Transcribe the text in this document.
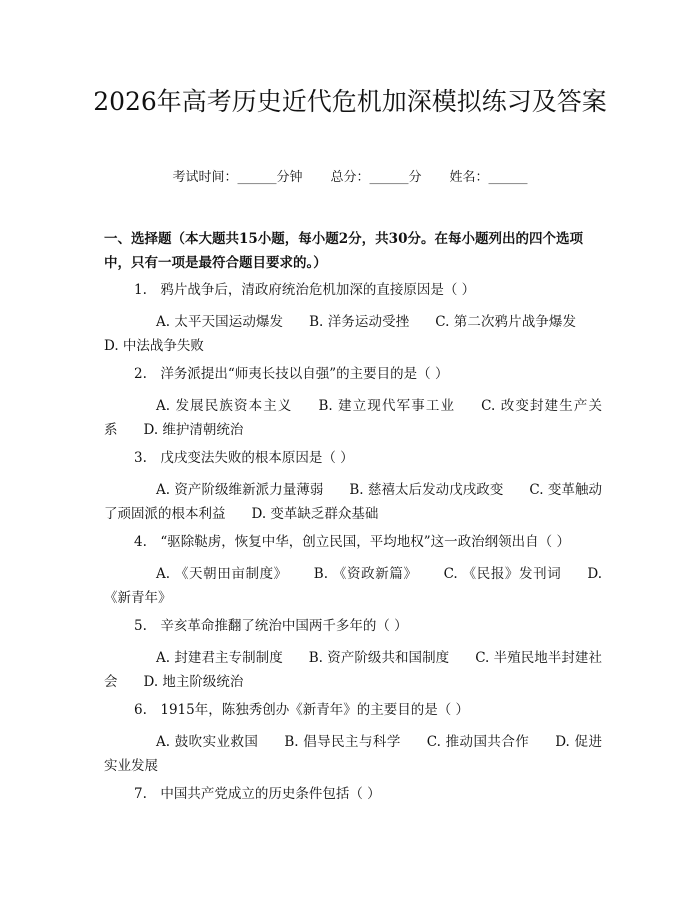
2026年高考历史近代危机加深模拟练习及答案
考试时间：______分钟 总分：______分 姓名：______
一、选择题（本大题共15小题，每小题2分，共30分。在每小题列出的四个选项中，只有一项是最符合题目要求的。）
1.　鸦片战争后，清政府统治危机加深的直接原因是（ ）
A. 太平天国运动爆发 B. 洋务运动受挫 C. 第二次鸦片战争爆发D. 中法战争失败
2.　洋务派提出“师夷长技以自强”的主要目的是（ ）
A. 发展民族资本主义 B. 建立现代军事工业 C. 改变封建生产关系 D. 维护清朝统治
3.　戊戌变法失败的根本原因是（ ）
A. 资产阶级维新派力量薄弱 B. 慈禧太后发动戊戌政变 C. 变革触动了顽固派的根本利益 D. 变革缺乏群众基础
4.　“驱除鞑虏，恢复中华，创立民国，平均地权”这一政治纲领出自（ ）
A. 《天朝田亩制度》 B. 《资政新篇》 C. 《民报》发刊词 D. 《新青年》
5.　辛亥革命推翻了统治中国两千多年的（ ）
A. 封建君主专制制度 B. 资产阶级共和国制度 C. 半殖民地半封建社会 D. 地主阶级统治
6.　1915年，陈独秀创办《新青年》的主要目的是（ ）
A. 鼓吹实业救国 B. 倡导民主与科学 C. 推动国共合作 D. 促进实业发展
7.　中国共产党成立的历史条件包括（ ）
